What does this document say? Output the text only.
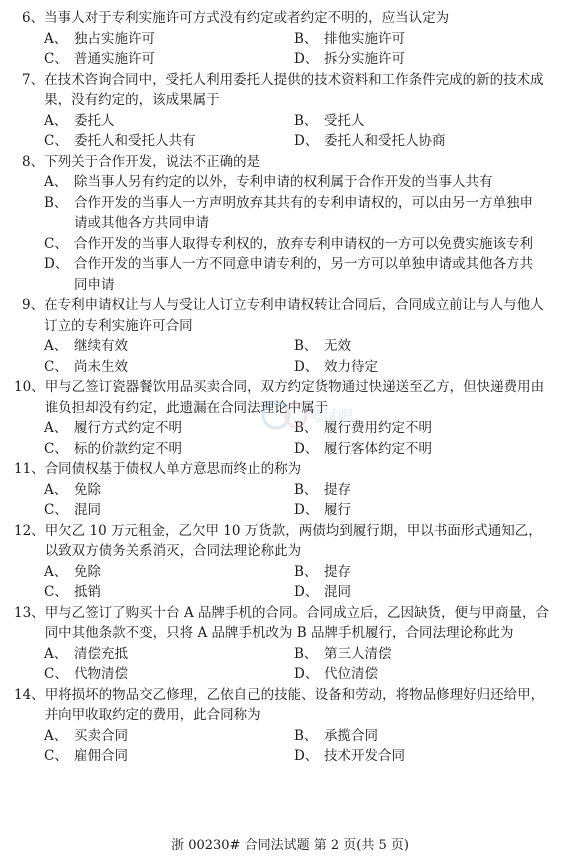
6、 当事人对于专利实施许可方式没有约定或者约定不明的，应当认定为
A、 独占实施许可	B、 排他实施许可
C、 普通实施许可	D、 拆分实施许可
7、 在技术咨询合同中，受托人利用委托人提供的技术资料和工作条件完成的新的技术成果，没有约定的，该成果属于
A、 委托人	B、 受托人
C、 委托人和受托人共有	D、 委托人和受托人协商
8、 下列关于合作开发，说法不正确的是
A、 除当事人另有约定的以外，专利申请的权利属于合作开发的当事人共有
B、 合作开发的当事人一方声明放弃其共有的专利申请权的，可以由另一方单独申请或其他各方共同申请
C、 合作开发的当事人取得专利权的，放弃专利申请权的一方可以免费实施该专利
D、 合作开发的当事人一方不同意申请专利的，另一方可以单独申请或其他各方共同申请
9、 在专利申请权让与人与受让人订立专利申请权转让合同后，合同成立前让与人与他人订立的专利实施许可合同
A、 继续有效	B、 无效
C、 尚未生效	D、 效力待定
10、 甲与乙签订瓷器餐饮用品买卖合同，双方约定货物通过快递送至乙方，但快递费用由谁负担却没有约定，此遗漏在合同法理论中属于
A、 履行方式约定不明	B、 履行费用约定不明
C、 标的价款约定不明	D、 履行客体约定不明
11、 合同债权基于债权人单方意思而终止的称为
A、 免除	B、 提存
C、 混同	D、 履行
12、 甲欠乙 10 万元租金，乙欠甲 10 万货款，两债均到履行期，甲以书面形式通知乙，以致双方债务关系消灭，合同法理论称此为
A、 免除	B、 提存
C、 抵销	D、 混同
13、 甲与乙签订了购买十台 A 品牌手机的合同。合同成立后，乙因缺货，便与甲商量，合同中其他条款不变，只将 A 品牌手机改为 B 品牌手机履行，合同法理论称此为
A、 清偿充抵	B、 第三人清偿
C、 代物清偿	D、 代位清偿
14、 甲将损坏的物品交乙修理，乙依自己的技能、设备和劳动，将物品修理好归还给甲，并向甲收取约定的费用，此合同称为
A、 买卖合同	B、 承揽合同
C、 雇佣合同	D、 技术开发合同
考试吧
浙 00230# 合同法试题 第 2 页(共 5 页)
